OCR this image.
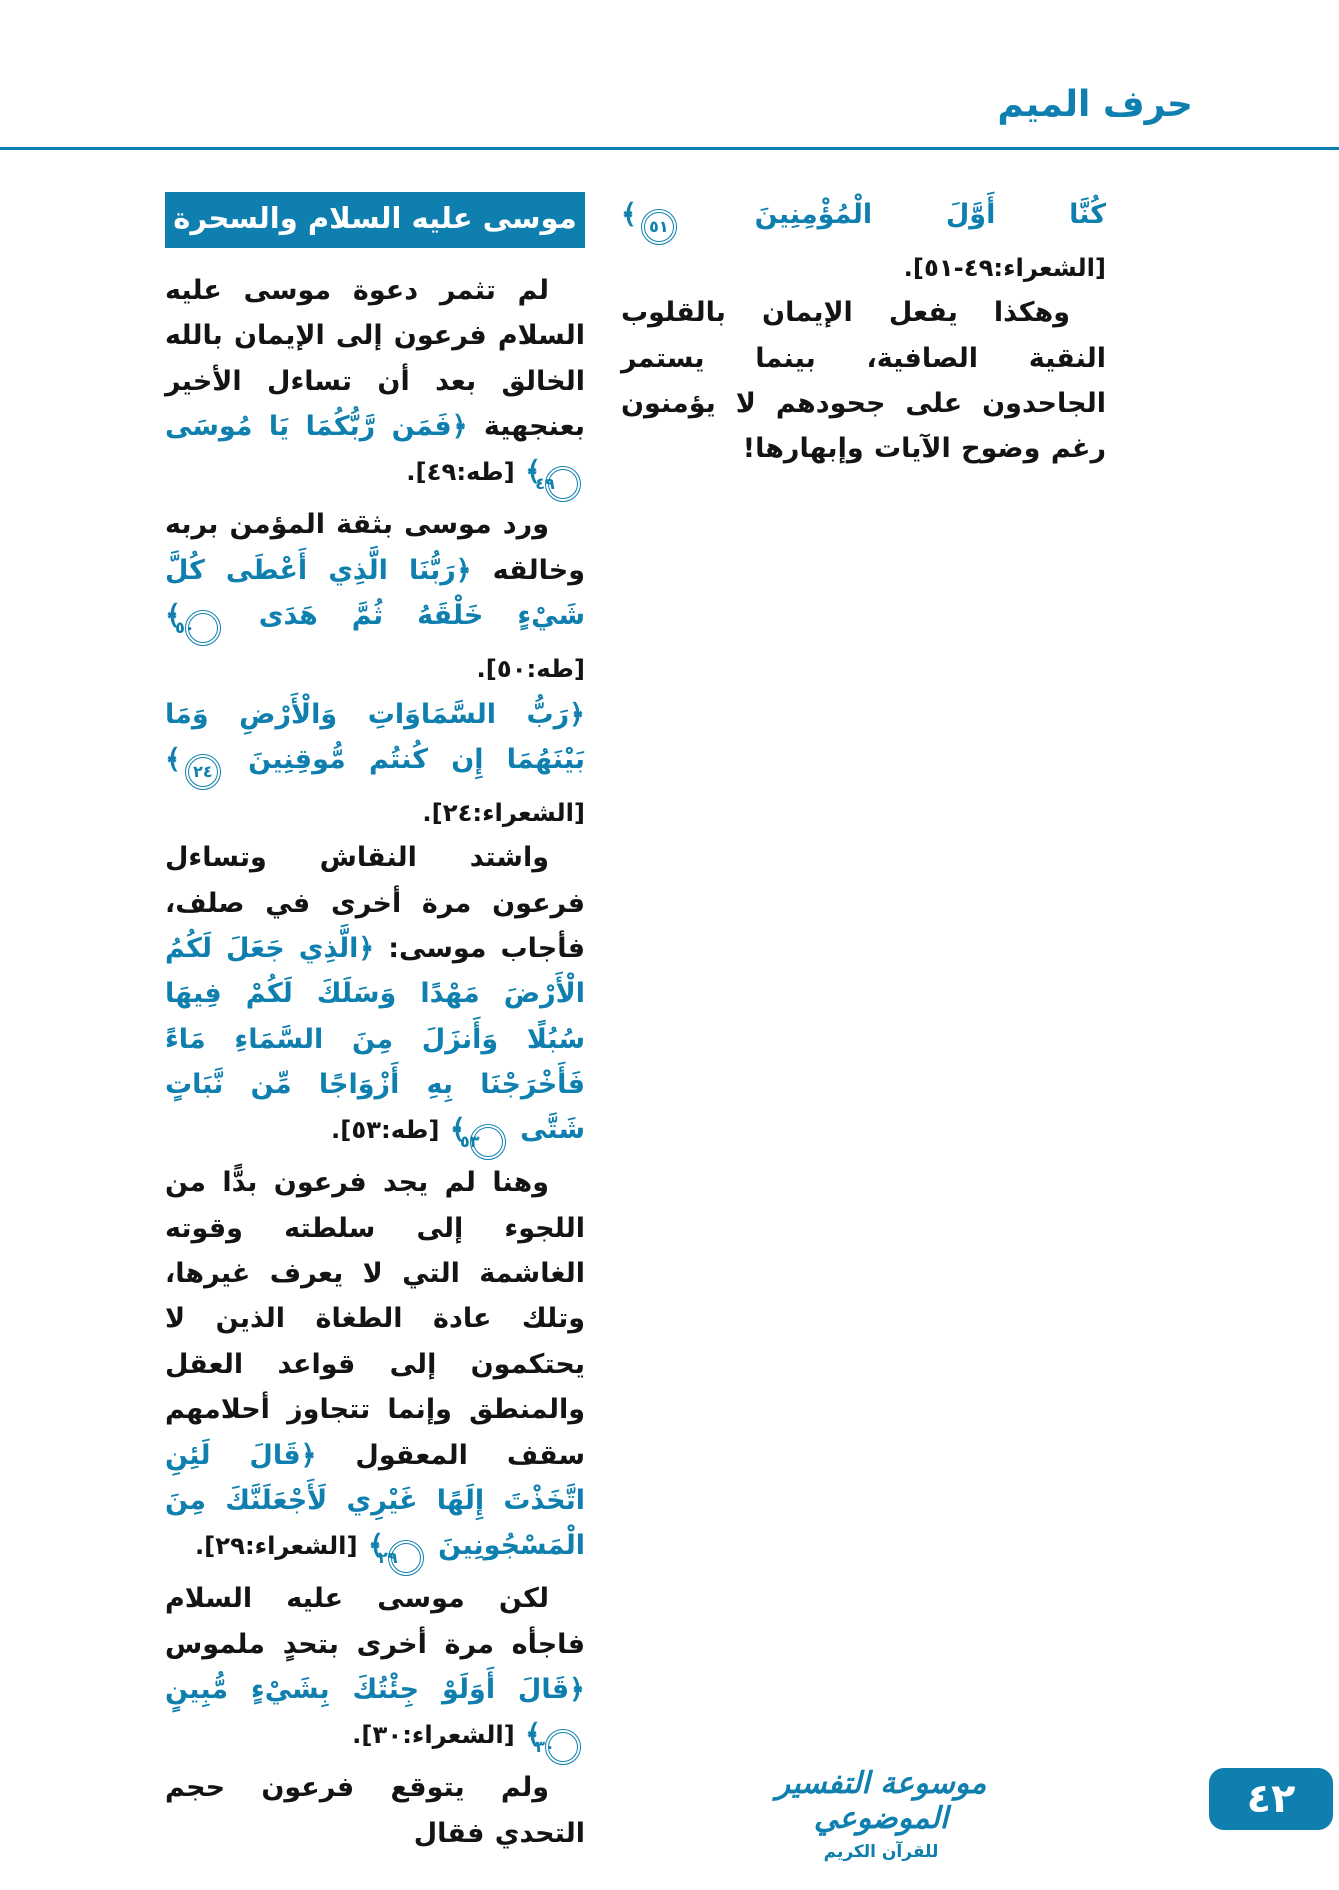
حرف الميم

كُنَّا أَوَّلَ الْمُؤْمِنِينَ ٥١﴾ [الشعراء:٤٩-٥١].

وهكذا يفعل الإيمان بالقلوب النقية الصافية، بينما يستمر الجاحدون على جحودهم لا يؤمنون رغم وضوح الآيات وإبهارها!

موسى عليه السلام والسحرة

لم تثمر دعوة موسى عليه السلام فرعون إلى الإيمان بالله الخالق بعد أن تساءل الأخير بعنجهية ﴿فَمَن رَّبُّكُمَا يَا مُوسَى ٤٩﴾ [طه:٤٩].

ورد موسى بثقة المؤمن بربه وخالقه ﴿رَبُّنَا الَّذِي أَعْطَى كُلَّ شَيْءٍ خَلْقَهُ ثُمَّ هَدَى ٥٠﴾ [طه:٥٠].

﴿رَبُّ السَّمَاوَاتِ وَالْأَرْضِ وَمَا بَيْنَهُمَا إِن كُنتُم مُّوقِنِينَ ٢٤﴾ [الشعراء:٢٤].

واشتد النقاش وتساءل فرعون مرة أخرى في صلف، فأجاب موسى: ﴿الَّذِي جَعَلَ لَكُمُ الْأَرْضَ مَهْدًا وَسَلَكَ لَكُمْ فِيهَا سُبُلًا وَأَنزَلَ مِنَ السَّمَاءِ مَاءً فَأَخْرَجْنَا بِهِ أَزْوَاجًا مِّن نَّبَاتٍ شَتَّى ٥٣﴾ [طه:٥٣].

وهنا لم يجد فرعون بدًّا من اللجوء إلى سلطته وقوته الغاشمة التي لا يعرف غيرها، وتلك عادة الطغاة الذين لا يحتكمون إلى قواعد العقل والمنطق وإنما تتجاوز أحلامهم سقف المعقول ﴿قَالَ لَئِنِ اتَّخَذْتَ إِلَهًا غَيْرِي لَأَجْعَلَنَّكَ مِنَ الْمَسْجُونِينَ ٢٩﴾ [الشعراء:٢٩].

لكن موسى عليه السلام فاجأه مرة أخرى بتحدٍ ملموس ﴿قَالَ أَوَلَوْ جِئْتُكَ بِشَيْءٍ مُّبِينٍ ٣٠﴾ [الشعراء:٣٠].

ولم يتوقع فرعون حجم التحدي فقال

موسوعة التفسير الموضوعي
للقرآن الكريم
٤٢
